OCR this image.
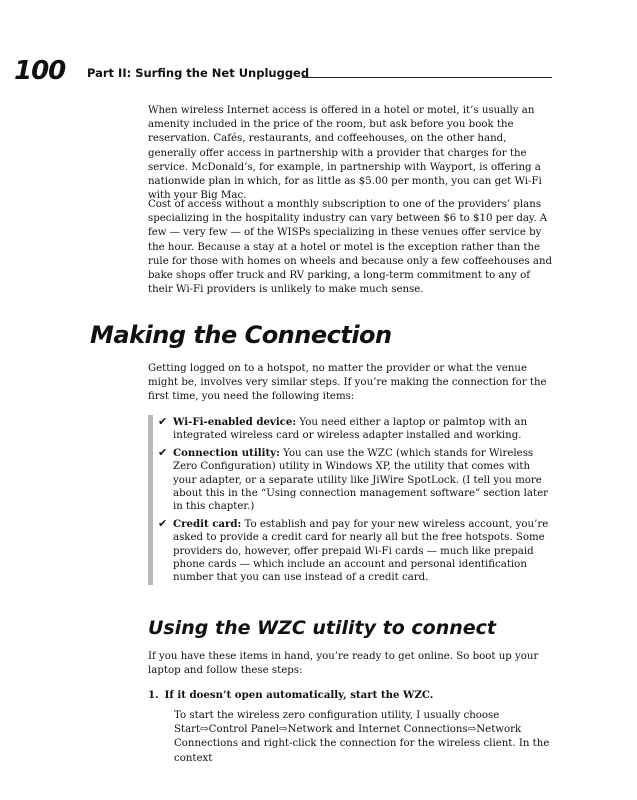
100 Part II: Surfing the Net Unplugged

When wireless Internet access is offered in a hotel or motel, it’s usually an amenity included in the price of the room, but ask before you book the reservation. Cafés, restaurants, and coffeehouses, on the other hand, generally offer access in partnership with a provider that charges for the service. McDonald’s, for example, in partnership with Wayport, is offering a nationwide plan in which, for as little as $5.00 per month, you can get Wi-Fi with your Big Mac.

Cost of access without a monthly subscription to one of the providers’ plans specializing in the hospitality industry can vary between $6 to $10 per day. A few — very few — of the WISPs specializing in these venues offer service by the hour. Because a stay at a hotel or motel is the exception rather than the rule for those with homes on wheels and because only a few coffeehouses and bake shops offer truck and RV parking, a long-term commitment to any of their Wi-Fi providers is unlikely to make much sense.

Making the Connection

Getting logged on to a hotspot, no matter the provider or what the venue might be, involves very similar steps. If you’re making the connection for the first time, you need the following items:

✔ Wi-Fi-enabled device: You need either a laptop or palmtop with an integrated wireless card or wireless adapter installed and working.
✔ Connection utility: You can use the WZC (which stands for Wireless Zero Configuration) utility in Windows XP, the utility that comes with your adapter, or a separate utility like JiWire SpotLock. (I tell you more about this in the “Using connection management software” section later in this chapter.)
✔ Credit card: To establish and pay for your new wireless account, you’re asked to provide a credit card for nearly all but the free hotspots. Some providers do, however, offer prepaid Wi-Fi cards — much like prepaid phone cards — which include an account and personal identification number that you can use instead of a credit card.
Using the WZC utility to connect

If you have these items in hand, you’re ready to get online. So boot up your laptop and follow these steps:

1. If it doesn’t open automatically, start the WZC.
To start the wireless zero configuration utility, I usually choose Start⇨Control Panel⇨Network and Internet Connections⇨Network Connections and right-click the connection for the wireless client. In the context
